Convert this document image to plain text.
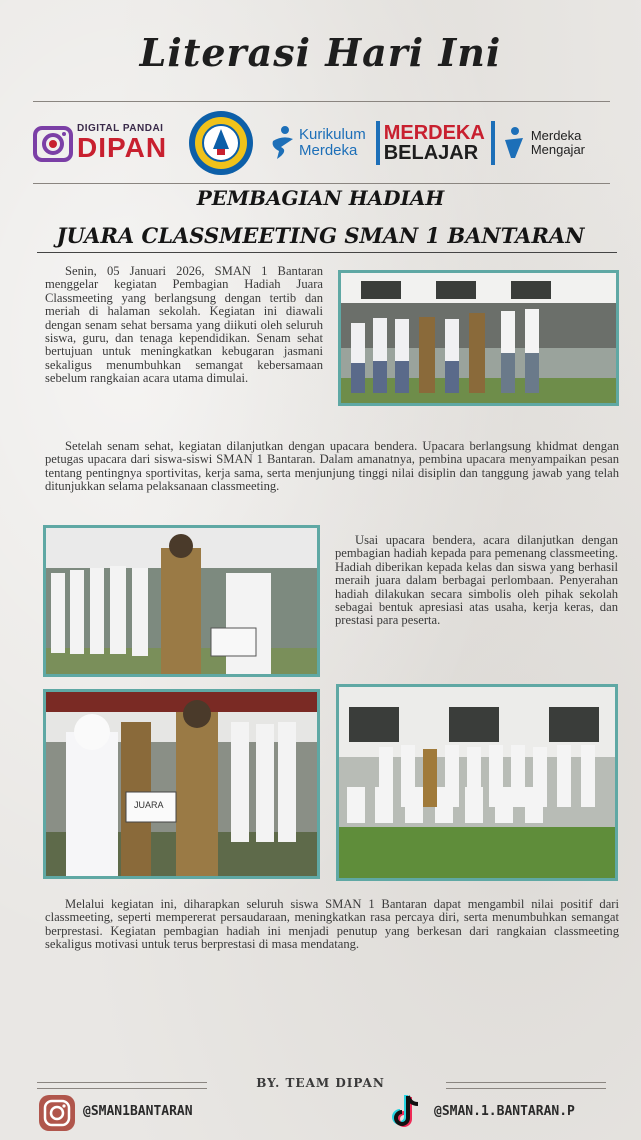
Literasi Hari Ini
DIGITAL PANDAI
DIPAN	Kurikulum
Merdeka
MERDEKA
BELAJAR
Merdeka
Mengajar
PEMBAGIAN HADIAH
JUARA CLASSMEETING SMAN 1 BANTARAN
Senin, 05 Januari 2026, SMAN 1 Bantaran menggelar kegiatan Pembagian Hadiah Juara Classmeeting yang berlangsung dengan tertib dan meriah di halaman sekolah. Kegiatan ini diawali dengan senam sehat bersama yang diikuti oleh seluruh siswa, guru, dan tenaga kependidikan. Senam sehat bertujuan untuk meningkatkan kebugaran jasmani sekaligus menumbuhkan semangat kebersamaan sebelum rangkaian acara utama dimulai.
Setelah senam sehat, kegiatan dilanjutkan dengan upacara bendera. Upacara berlangsung khidmat dengan petugas upacara dari siswa-siswi SMAN 1 Bantaran. Dalam amanatnya, pembina upacara menyampaikan pesan tentang pentingnya sportivitas, kerja sama, serta menjunjung tinggi nilai disiplin dan tanggung jawab yang telah ditunjukkan selama pelaksanaan classmeeting.
Usai upacara bendera, acara dilanjutkan dengan pembagian hadiah kepada para pemenang classmeeting. Hadiah diberikan kepada kelas dan siswa yang berhasil meraih juara dalam berbagai perlombaan. Penyerahan hadiah dilakukan secara simbolis oleh pihak sekolah sebagai bentuk apresiasi atas usaha, kerja keras, dan prestasi para peserta.
JUARA
Melalui kegiatan ini, diharapkan seluruh siswa SMAN 1 Bantaran dapat mengambil nilai positif dari classmeeting, seperti mempererat persaudaraan, meningkatkan rasa percaya diri, serta menumbuhkan semangat berprestasi. Kegiatan pembagian hadiah ini menjadi penutup yang berkesan dari rangkaian classmeeting sekaligus motivasi untuk terus berprestasi di masa mendatang.
BY. TEAM DIPAN
@SMAN1BANTARAN	@SMAN.1.BANTARAN.P
